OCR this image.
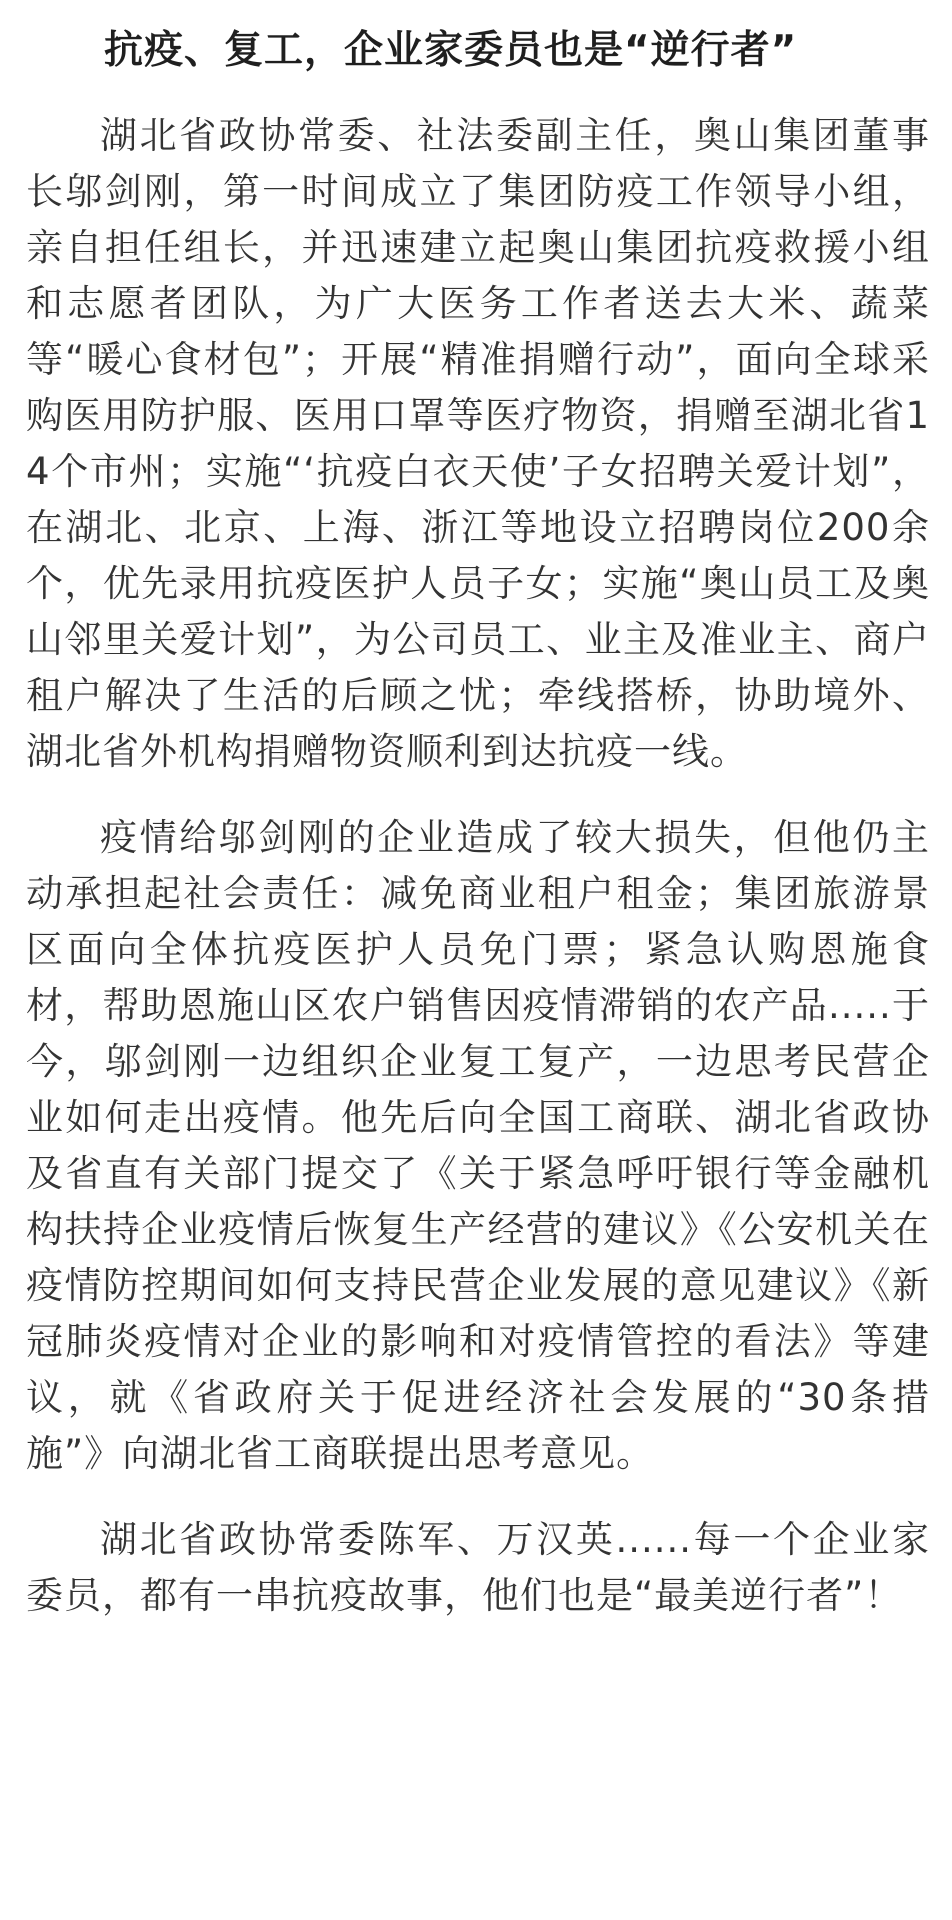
抗疫、复工，企业家委员也是“逆行者”

湖北省政协常委、社法委副主任，奥山集团董事长邬剑刚，第一时间成立了集团防疫工作领导小组，亲自担任组长，并迅速建立起奥山集团抗疫救援小组和志愿者团队，为广大医务工作者送去大米、蔬菜等“暖心食材包”；开展“精准捐赠行动”，面向全球采购医用防护服、医用口罩等医疗物资，捐赠至湖北省14个市州；实施“‘抗疫白衣天使’子女招聘关爱计划”，在湖北、北京、上海、浙江等地设立招聘岗位200余个，优先录用抗疫医护人员子女；实施“奥山员工及奥山邻里关爱计划”，为公司员工、业主及准业主、商户租户解决了生活的后顾之忧；牵线搭桥，协助境外、湖北省外机构捐赠物资顺利到达抗疫一线。

疫情给邬剑刚的企业造成了较大损失，但他仍主动承担起社会责任：减免商业租户租金；集团旅游景区面向全体抗疫医护人员免门票；紧急认购恩施食材，帮助恩施山区农户销售因疫情滞销的农产品.....于今，邬剑刚一边组织企业复工复产，一边思考民营企业如何走出疫情。他先后向全国工商联、湖北省政协及省直有关部门提交了《关于紧急呼吁银行等金融机构扶持企业疫情后恢复生产经营的建议》《公安机关在疫情防控期间如何支持民营企业发展的意见建议》《新冠肺炎疫情对企业的影响和对疫情管控的看法》等建议，就《省政府关于促进经济社会发展的“30条措施”》向湖北省工商联提出思考意见。

湖北省政协常委陈军、万汉英......每一个企业家委员，都有一串抗疫故事，他们也是“最美逆行者”！
